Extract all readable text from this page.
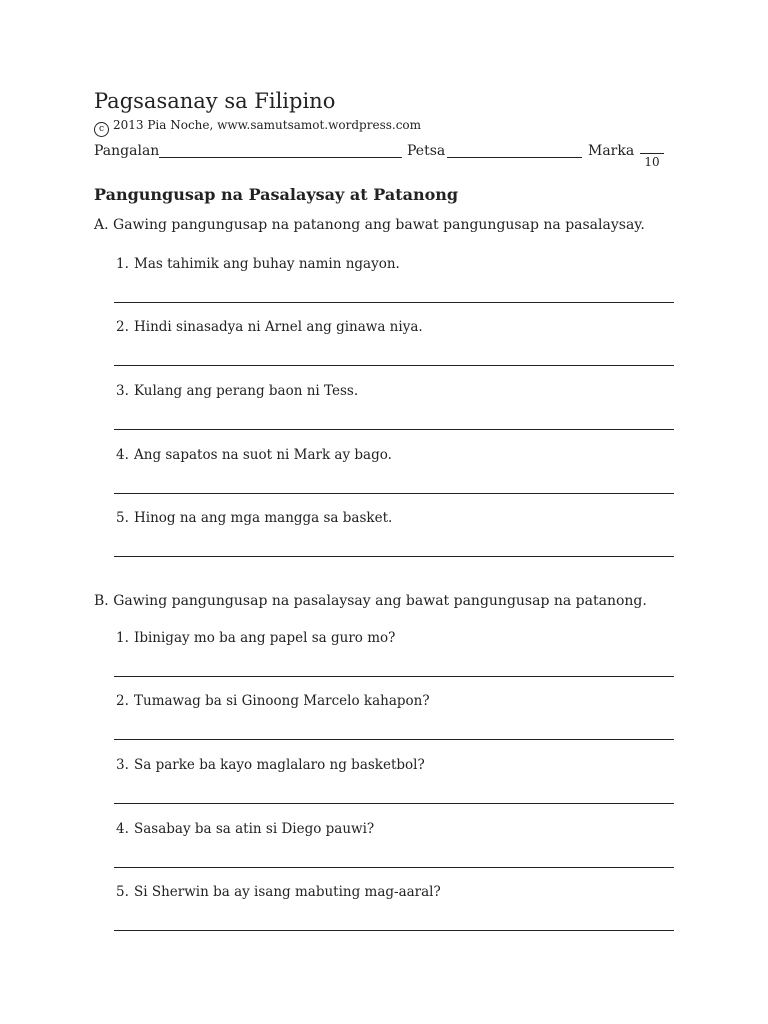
Pagsasanay sa Filipino
c 2013 Pia Noche, www.samutsamot.wordpress.com
Pangalan	Petsa	Marka
10
Pangungusap na Pasalaysay at Patanong
A. Gawing pangungusap na patanong ang bawat pangungusap na pasalaysay.
1. Mas tahimik ang buhay namin ngayon.
2. Hindi sinasadya ni Arnel ang ginawa niya.
3. Kulang ang perang baon ni Tess.
4. Ang sapatos na suot ni Mark ay bago.
5. Hinog na ang mga mangga sa basket.
B. Gawing pangungusap na pasalaysay ang bawat pangungusap na patanong.
1. Ibinigay mo ba ang papel sa guro mo?
2. Tumawag ba si Ginoong Marcelo kahapon?
3. Sa parke ba kayo maglalaro ng basketbol?
4. Sasabay ba sa atin si Diego pauwi?
5. Si Sherwin ba ay isang mabuting mag-aaral?
